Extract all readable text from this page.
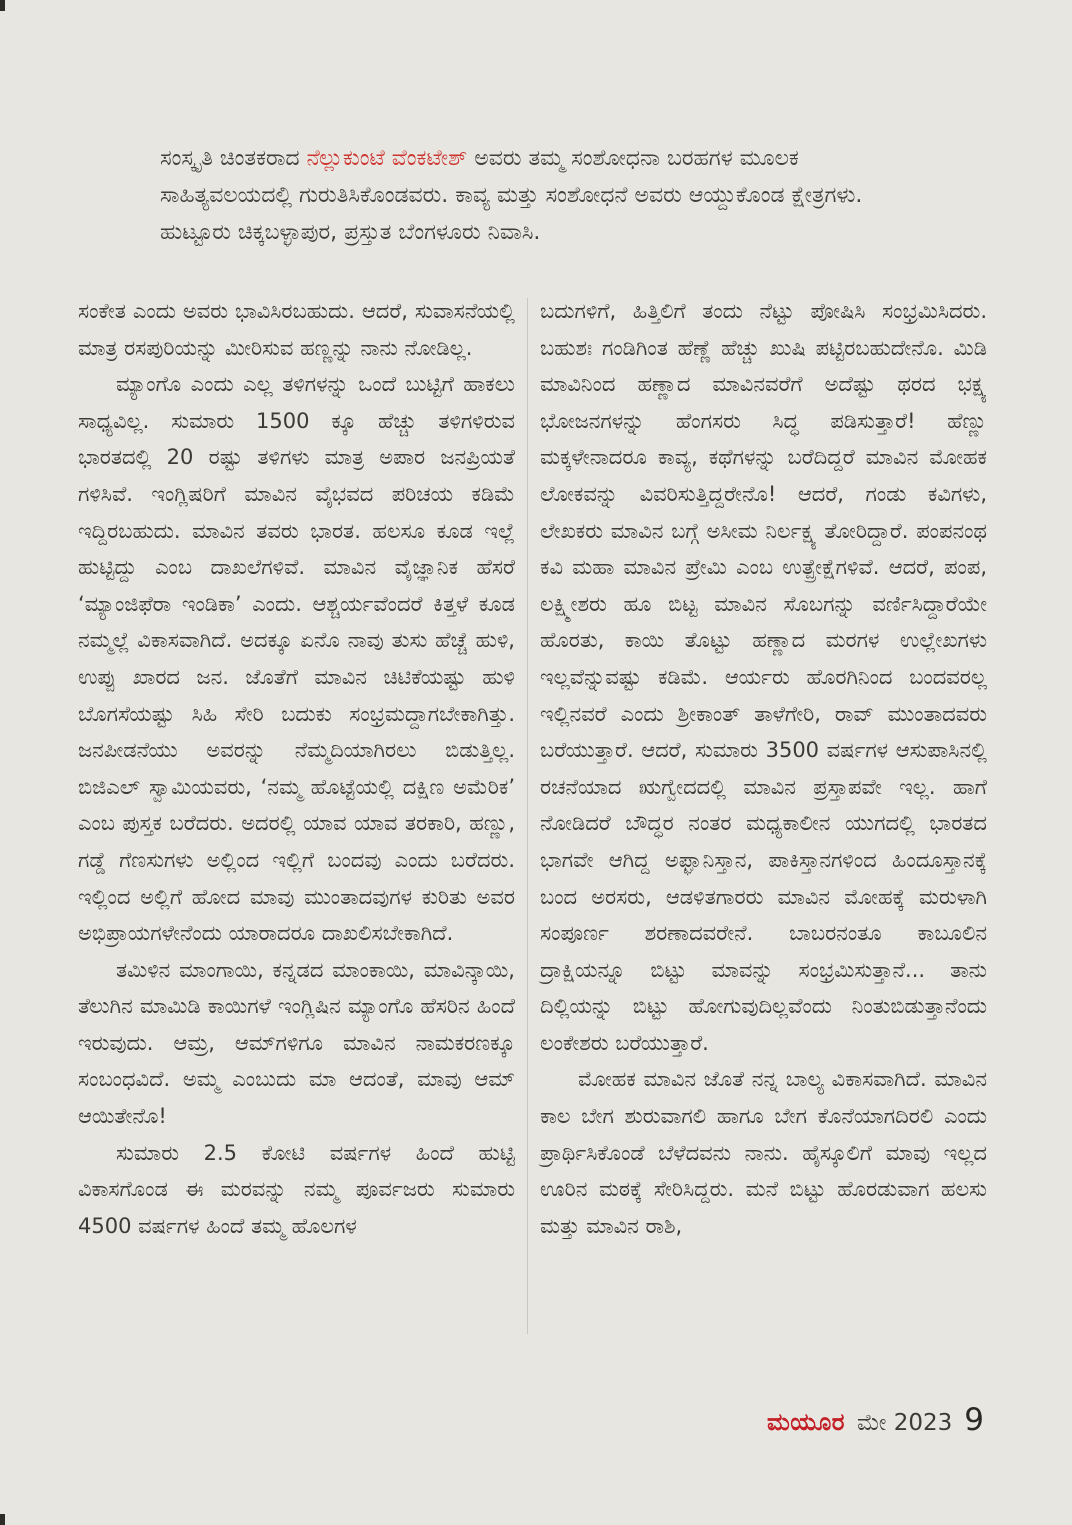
ಸಂಸ್ಕೃತಿ ಚಿಂತಕರಾದ ನೆಲ್ಲುಕುಂಟೆ ವೆಂಕಟೇಶ್ ಅವರು ತಮ್ಮ ಸಂಶೋಧನಾ ಬರಹಗಳ ಮೂಲಕ ಸಾಹಿತ್ಯವಲಯದಲ್ಲಿ ಗುರುತಿಸಿಕೊಂಡವರು. ಕಾವ್ಯ ಮತ್ತು ಸಂಶೋಧನೆ ಅವರು ಆಯ್ದುಕೊಂಡ ಕ್ಷೇತ್ರಗಳು. ಹುಟ್ಟೂರು ಚಿಕ್ಕಬಳ್ಳಾಪುರ, ಪ್ರಸ್ತುತ ಬೆಂಗಳೂರು ನಿವಾಸಿ.

ಸಂಕೇತ ಎಂದು ಅವರು ಭಾವಿಸಿರಬಹುದು. ಆದರೆ, ಸುವಾಸನೆಯಲ್ಲಿ ಮಾತ್ರ ರಸಪುರಿಯನ್ನು ಮೀರಿಸುವ ಹಣ್ಣನ್ನು ನಾನು ನೋಡಿಲ್ಲ.

ಮ್ಯಾಂಗೊ ಎಂದು ಎಲ್ಲ ತಳಿಗಳನ್ನು ಒಂದೆ ಬುಟ್ಟಿಗೆ ಹಾಕಲು ಸಾಧ್ಯವಿಲ್ಲ. ಸುಮಾರು 1500 ಕ್ಕೂ ಹೆಚ್ಚು ತಳಿಗಳಿರುವ ಭಾರತದಲ್ಲಿ 20 ರಷ್ಟು ತಳಿಗಳು ಮಾತ್ರ ಅಪಾರ ಜನಪ್ರಿಯತೆ ಗಳಿಸಿವೆ. ಇಂಗ್ಲಿಷರಿಗೆ ಮಾವಿನ ವೈಭವದ ಪರಿಚಯ ಕಡಿಮೆ ಇದ್ದಿರಬಹುದು. ಮಾವಿನ ತವರು ಭಾರತ. ಹಲಸೂ ಕೂಡ ಇಲ್ಲೆ ಹುಟ್ಟಿದ್ದು ಎಂಬ ದಾಖಲೆಗಳಿವೆ. ಮಾವಿನ ವೈಜ್ಞಾನಿಕ ಹೆಸರೆ ‘ಮ್ಯಾಂಜಿಫೆರಾ ಇಂಡಿಕಾ’ ಎಂದು. ಆಶ್ಚರ್ಯವೆಂದರೆ ಕಿತ್ತಳೆ ಕೂಡ ನಮ್ಮಲ್ಲೆ ವಿಕಾಸವಾಗಿದೆ. ಅದಕ್ಕೂ ಏನೊ ನಾವು ತುಸು ಹೆಚ್ಚೆ ಹುಳಿ, ಉಪ್ಪು ಖಾರದ ಜನ. ಜೊತೆಗೆ ಮಾವಿನ ಚಿಟಿಕೆಯಷ್ಟು ಹುಳಿ ಬೊಗಸೆಯಷ್ಟು ಸಿಹಿ ಸೇರಿ ಬದುಕು ಸಂಭ್ರಮದ್ದಾಗಬೇಕಾಗಿತ್ತು. ಜನಪೀಡನೆಯು ಅವರನ್ನು ನೆಮ್ಮದಿಯಾಗಿರಲು ಬಿಡುತ್ತಿಲ್ಲ. ಬಿಜಿಎಲ್ ಸ್ವಾಮಿಯವರು, ‘ನಮ್ಮ ಹೊಟ್ಟೆಯಲ್ಲಿ ದಕ್ಷಿಣ ಅಮೆರಿಕ’ ಎಂಬ ಪುಸ್ತಕ ಬರೆದರು. ಅದರಲ್ಲಿ ಯಾವ ಯಾವ ತರಕಾರಿ, ಹಣ್ಣು, ಗಡ್ಡೆ ಗೆಣಸುಗಳು ಅಲ್ಲಿಂದ ಇಲ್ಲಿಗೆ ಬಂದವು ಎಂದು ಬರೆದರು. ಇಲ್ಲಿಂದ ಅಲ್ಲಿಗೆ ಹೋದ ಮಾವು ಮುಂತಾದವುಗಳ ಕುರಿತು ಅವರ ಅಭಿಪ್ರಾಯಗಳೇನೆಂದು ಯಾರಾದರೂ ದಾಖಲಿಸಬೇಕಾಗಿದೆ.

ತಮಿಳಿನ ಮಾಂಗಾಯಿ, ಕನ್ನಡದ ಮಾಂಕಾಯಿ, ಮಾವಿನ್ಕಾಯಿ, ತೆಲುಗಿನ ಮಾಮಿಡಿ ಕಾಯಿಗಳೆ ಇಂಗ್ಲಿಷಿನ ಮ್ಯಾಂಗೊ ಹೆಸರಿನ ಹಿಂದೆ ಇರುವುದು. ಆಮ್ರ, ಆಮ್‌ಗಳಿಗೂ ಮಾವಿನ ನಾಮಕರಣಕ್ಕೂ ಸಂಬಂಧವಿದೆ. ಅಮ್ಮ ಎಂಬುದು ಮಾ ಆದಂತೆ, ಮಾವು ಆಮ್ ಆಯಿತೇನೊ!

ಸುಮಾರು 2.5 ಕೋಟಿ ವರ್ಷಗಳ ಹಿಂದೆ ಹುಟ್ಟಿ ವಿಕಾಸಗೊಂಡ ಈ ಮರವನ್ನು ನಮ್ಮ ಪೂರ್ವಜರು ಸುಮಾರು 4500 ವರ್ಷಗಳ ಹಿಂದೆ ತಮ್ಮ ಹೊಲಗಳ

ಬದುಗಳಿಗೆ, ಹಿತ್ತಿಲಿಗೆ ತಂದು ನೆಟ್ಟು ಪೋಷಿಸಿ ಸಂಭ್ರಮಿಸಿದರು. ಬಹುಶಃ ಗಂಡಿಗಿಂತ ಹೆಣ್ಣೆ ಹೆಚ್ಚು ಖುಷಿ ಪಟ್ಟಿರಬಹುದೇನೊ. ಮಿಡಿ ಮಾವಿನಿಂದ ಹಣ್ಣಾದ ಮಾವಿನವರೆಗೆ ಅದೆಷ್ಟು ಥರದ ಭಕ್ಷ್ಯ ಭೋಜನಗಳನ್ನು ಹೆಂಗಸರು ಸಿದ್ಧ ಪಡಿಸುತ್ತಾರೆ! ಹೆಣ್ಣು ಮಕ್ಕಳೇನಾದರೂ ಕಾವ್ಯ, ಕಥೆಗಳನ್ನು ಬರೆದಿದ್ದರೆ ಮಾವಿನ ಮೋಹಕ ಲೋಕವನ್ನು ವಿವರಿಸುತ್ತಿದ್ದರೇನೊ! ಆದರೆ, ಗಂಡು ಕವಿಗಳು, ಲೇಖಕರು ಮಾವಿನ ಬಗ್ಗೆ ಅಸೀಮ ನಿರ್ಲಕ್ಷ್ಯ ತೋರಿದ್ದಾರೆ. ಪಂಪನಂಥ ಕವಿ ಮಹಾ ಮಾವಿನ ಪ್ರೇಮಿ ಎಂಬ ಉತ್ಪ್ರೇಕ್ಷೆಗಳಿವೆ. ಆದರೆ, ಪಂಪ, ಲಕ್ಷ್ಮೀಶರು ಹೂ ಬಿಟ್ಟ ಮಾವಿನ ಸೊಬಗನ್ನು ವರ್ಣಿಸಿದ್ದಾರೆಯೇ ಹೊರತು, ಕಾಯಿ ತೊಟ್ಟು ಹಣ್ಣಾದ ಮರಗಳ ಉಲ್ಲೇಖಗಳು ಇಲ್ಲವೆನ್ನುವಷ್ಟು ಕಡಿಮೆ. ಆರ್ಯರು ಹೊರಗಿನಿಂದ ಬಂದವರಲ್ಲ ಇಲ್ಲಿನವರೆ ಎಂದು ಶ್ರೀಕಾಂತ್ ತಾಳೆಗೇರಿ, ರಾವ್ ಮುಂತಾದವರು ಬರೆಯುತ್ತಾರೆ. ಆದರೆ, ಸುಮಾರು 3500 ವರ್ಷಗಳ ಆಸುಪಾಸಿನಲ್ಲಿ ರಚನೆಯಾದ ಋಗ್ವೇದದಲ್ಲಿ ಮಾವಿನ ಪ್ರಸ್ತಾಪವೇ ಇಲ್ಲ. ಹಾಗೆ ನೋಡಿದರೆ ಬೌದ್ಧರ ನಂತರ ಮಧ್ಯಕಾಲೀನ ಯುಗದಲ್ಲಿ ಭಾರತದ ಭಾಗವೇ ಆಗಿದ್ದ ಅಫ್ಘಾನಿಸ್ತಾನ, ಪಾಕಿಸ್ತಾನಗಳಿಂದ ಹಿಂದೂಸ್ತಾನಕ್ಕೆ ಬಂದ ಅರಸರು, ಆಡಳಿತಗಾರರು ಮಾವಿನ ಮೋಹಕ್ಕೆ ಮರುಳಾಗಿ ಸಂಪೂರ್ಣ ಶರಣಾದವರೇನೆ. ಬಾಬರನಂತೂ ಕಾಬೂಲಿನ ದ್ರಾಕ್ಷಿಯನ್ನೂ ಬಿಟ್ಟು ಮಾವನ್ನು ಸಂಭ್ರಮಿಸುತ್ತಾನೆ... ತಾನು ದಿಲ್ಲಿಯನ್ನು ಬಿಟ್ಟು ಹೋಗುವುದಿಲ್ಲವೆಂದು ನಿಂತುಬಿಡುತ್ತಾನೆಂದು ಲಂಕೇಶರು ಬರೆಯುತ್ತಾರೆ.

ಮೋಹಕ ಮಾವಿನ ಜೊತೆ ನನ್ನ ಬಾಲ್ಯ ವಿಕಾಸವಾಗಿದೆ. ಮಾವಿನ ಕಾಲ ಬೇಗ ಶುರುವಾಗಲಿ ಹಾಗೂ ಬೇಗ ಕೊನೆಯಾಗದಿರಲಿ ಎಂದು ಪ್ರಾರ್ಥಿಸಿಕೊಂಡೆ ಬೆಳೆದವನು ನಾನು. ಹೈಸ್ಕೂಲಿಗೆ ಮಾವು ಇಲ್ಲದ ಊರಿನ ಮಠಕ್ಕೆ ಸೇರಿಸಿದ್ದರು. ಮನೆ ಬಿಟ್ಟು ಹೊರಡುವಾಗ ಹಲಸು ಮತ್ತು ಮಾವಿನ ರಾಶಿ,

ಮಯೂರ ಮೇ 2023 9
